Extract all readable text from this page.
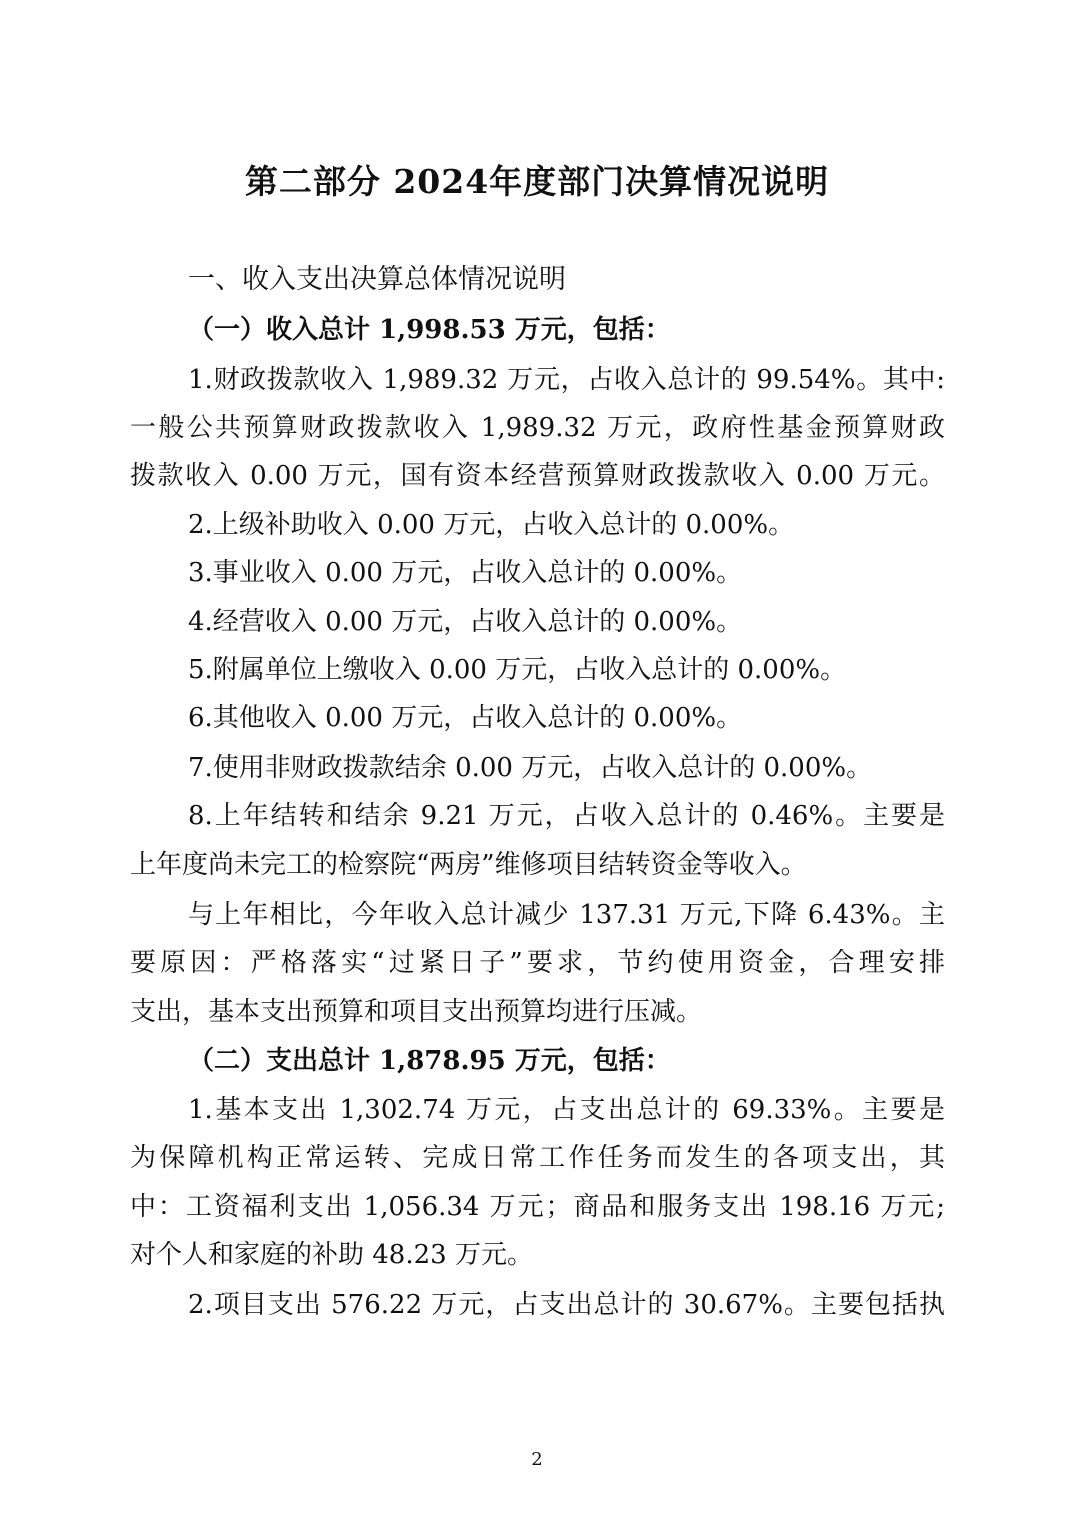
第二部分 2024年度部门决算情况说明
一、收入支出决算总体情况说明
（一）收入总计 1,998.53 万元，包括：
1.财政拨款收入 1,989.32 万元，占收入总计的 99.54%。其中:
一般公共预算财政拨款收入 1,989.32 万元，政府性基金预算财政
拨款收入 0.00 万元，国有资本经营预算财政拨款收入 0.00 万元。
2.上级补助收入 0.00 万元，占收入总计的 0.00%。
3.事业收入 0.00 万元，占收入总计的 0.00%。
4.经营收入 0.00 万元，占收入总计的 0.00%。
5.附属单位上缴收入 0.00 万元，占收入总计的 0.00%。
6.其他收入 0.00 万元，占收入总计的 0.00%。
7.使用非财政拨款结余 0.00 万元，占收入总计的 0.00%。
8.上年结转和结余 9.21 万元，占收入总计的 0.46%。主要是
上年度尚未完工的检察院“两房”维修项目结转资金等收入。
与上年相比，今年收入总计减少 137.31 万元,下降 6.43%。主
要原因：严格落实“过紧日子”要求，节约使用资金，合理安排
支出，基本支出预算和项目支出预算均进行压减。
（二）支出总计 1,878.95 万元，包括：
1.基本支出 1,302.74 万元，占支出总计的 69.33%。主要是
为保障机构正常运转、完成日常工作任务而发生的各项支出，其
中：工资福利支出 1,056.34 万元；商品和服务支出 198.16 万元;
对个人和家庭的补助 48.23 万元。
2.项目支出 576.22 万元，占支出总计的 30.67%。主要包括执
2
